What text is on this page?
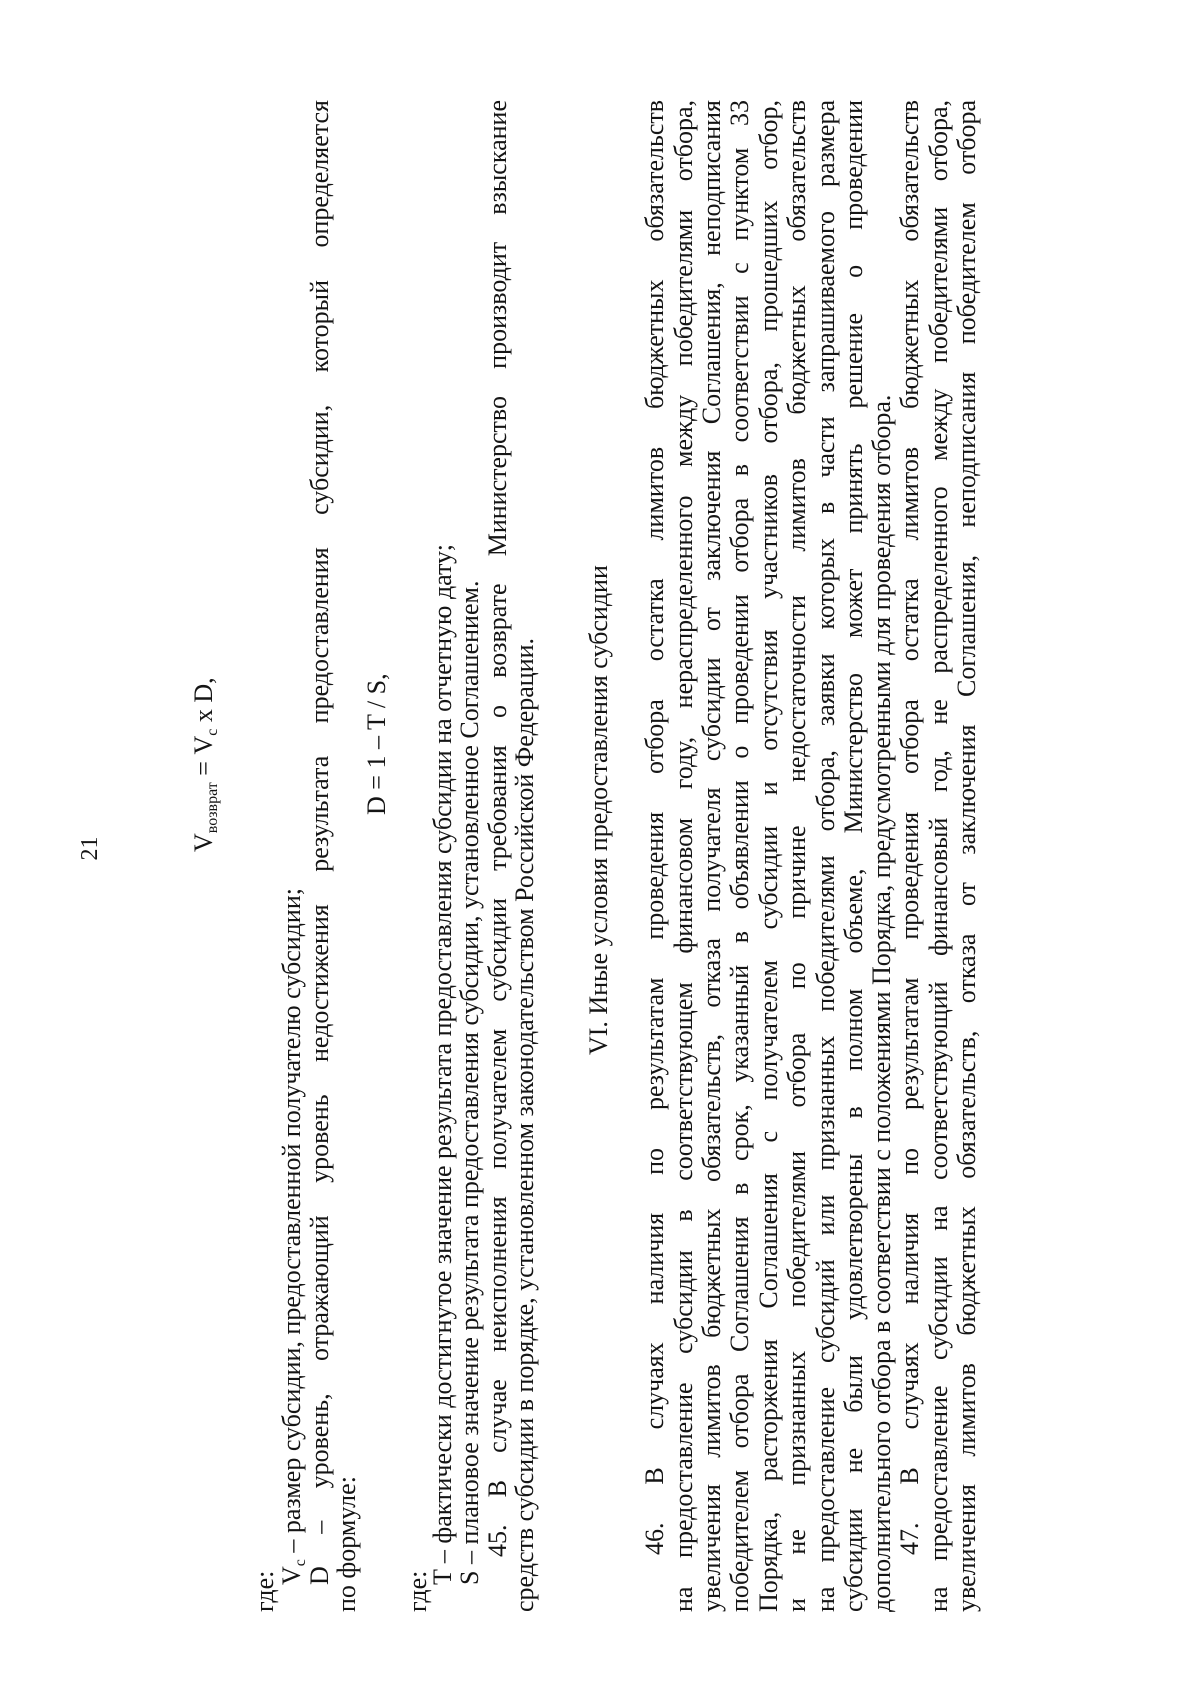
21	$V_{возврат} = V_с$ x D,
где:
$V_с$ – размер субсидии, предоставленной получателю субсидии; D – уровень, отражающий уровень недостижения результата предоставления субсидии, который определяется
по формуле:
D = 1 – T / S,
где:
T – фактически достигнутое значение результата предоставления субсидии на отчетную дату;
S – плановое значение результата предоставления субсидии, установленное Соглашением. 45. В случае неисполнения получателем субсидии требования о возврате Министерство производит взыскание
средств субсидии в порядке, установленном законодательством Российской Федерации. VI. Иные условия предоставления субсидии 46. В случаях наличия по результатам проведения отбора остатка лимитов бюджетных обязательств на предоставление субсидии в соответствующем финансовом году, нераспределенного между победителями отбора, увеличения лимитов бюджетных обязательств, отказа получателя субсидии от заключения Соглашения, неподписания победителем отбора Соглашения в срок, указанный в объявлении о проведении отбора в соответствии с пунктом 33 Порядка, расторжения Соглашения с получателем субсидии и отсутствия участников отбора, прошедших отбор, и не признанных победителями отбора по причине недостаточности лимитов бюджетных обязательств на предоставление субсидий или признанных победителями отбора, заявки которых в части запрашиваемого размера субсидии не были удовлетворены в полном объеме, Министерство может принять решение о проведении дополнительного отбора в соответствии с положениями Порядка, предусмотренными для проведения отбора. 47. В случаях наличия по результатам проведения отбора остатка лимитов бюджетных обязательств на предоставление субсидии на соответствующий финансовый год, не распределенного между победителями отбора, увеличения лимитов бюджетных обязательств, отказа от заключения Соглашения, неподписания победителем отбора
